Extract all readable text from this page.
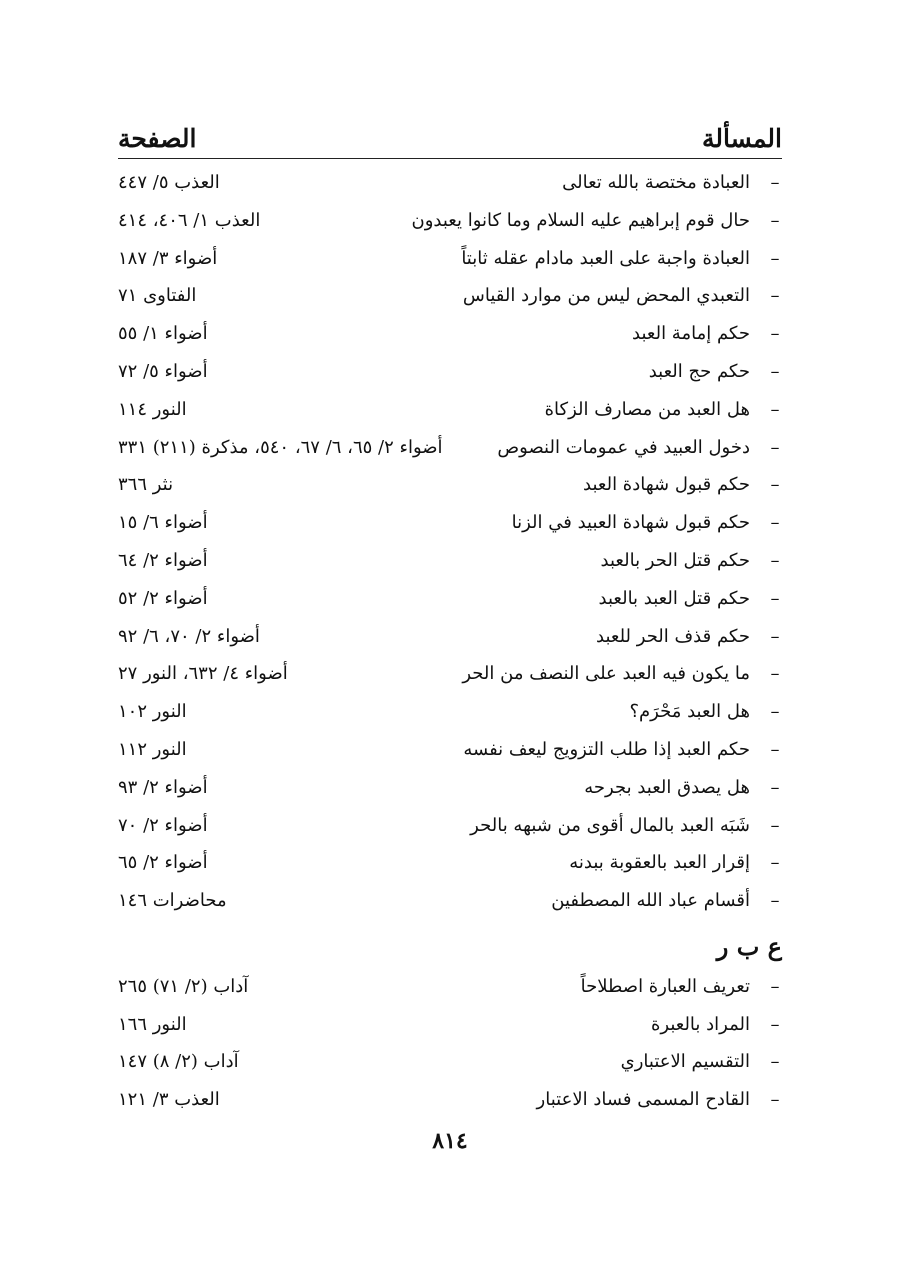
المسألة
الصفحة
–
العبادة مختصة بالله تعالى
العذب ٥/ ٤٤٧
–
حال قوم إبراهيم عليه السلام وما كانوا يعبدون
العذب ١/ ٤٠٦، ٤١٤
–
العبادة واجبة على العبد مادام عقله ثابتاً
أضواء ٣/ ١٨٧
–
التعبدي المحض ليس من موارد القياس
الفتاوى ٧١
–
حكم إمامة العبد
أضواء ١/ ٥٥
–
حكم حج العبد
أضواء ٥/ ٧٢
–
هل العبد من مصارف الزكاة
النور ١١٤
–
دخول العبيد في عمومات النصوص
أضواء ٢/ ٦٥، ٦/ ٦٧، ٥٤٠، مذكرة (٢١١) ٣٣١
–
حكم قبول شهادة العبد
نثر ٣٦٦
–
حكم قبول شهادة العبيد في الزنا
أضواء ٦/ ١٥
–
حكم قتل الحر بالعبد
أضواء ٢/ ٦٤
–
حكم قتل العبد بالعبد
أضواء ٢/ ٥٢
–
حكم قذف الحر للعبد
أضواء ٢/ ٧٠، ٦/ ٩٢
–
ما يكون فيه العبد على النصف من الحر
أضواء ٤/ ٦٣٢، النور ٢٧
–
هل العبد مَحْرَم؟
النور ١٠٢
–
حكم العبد إذا طلب التزويج ليعف نفسه
النور ١١٢
–
هل يصدق العبد بجرحه
أضواء ٢/ ٩٣
–
شَبَه العبد بالمال أقوى من شبهه بالحر
أضواء ٢/ ٧٠
–
إقرار العبد بالعقوبة ببدنه
أضواء ٢/ ٦٥
–
أقسام عباد الله المصطفين
محاضرات ١٤٦
ع ب ر
–
تعريف العبارة اصطلاحاً
آداب (٢/ ٧١) ٢٦٥
–
المراد بالعبرة
النور ١٦٦
–
التقسيم الاعتباري
آداب (٢/ ٨) ١٤٧
–
القادح المسمى فساد الاعتبار
العذب ٣/ ١٢١
٨١٤
